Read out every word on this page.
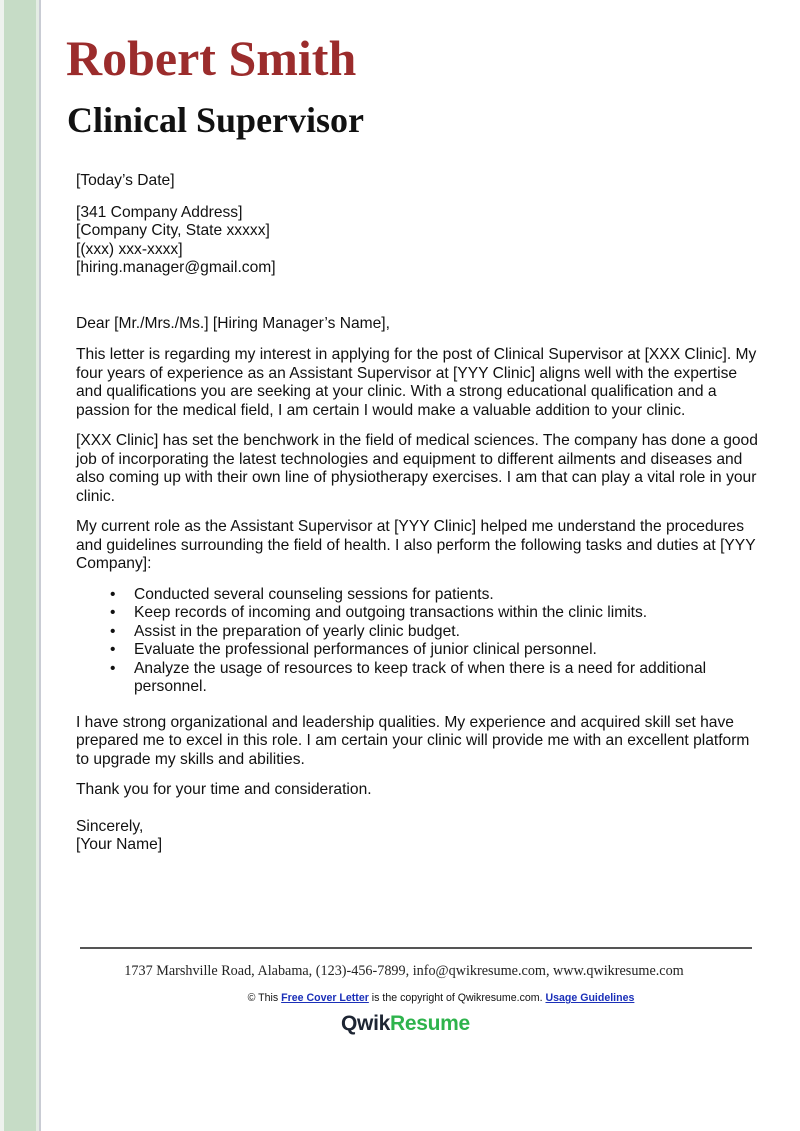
Robert Smith
Clinical Supervisor

[Today’s Date]

[341 Company Address]

[Company City, State xxxxx]

[(xxx) xxx-xxxx]

[hiring.manager@gmail.com]

Dear [Mr./Mrs./Ms.] [Hiring Manager’s Name],

This letter is regarding my interest in applying for the post of Clinical Supervisor at [XXX Clinic]. My four years of experience as an Assistant Supervisor at [YYY Clinic] aligns well with the expertise and qualifications you are seeking at your clinic. With a strong educational qualification and a passion for the medical field, I am certain I would make a valuable addition to your clinic.

[XXX Clinic] has set the benchwork in the field of medical sciences. The company has done a good job of incorporating the latest technologies and equipment to different ailments and diseases and also coming up with their own line of physiotherapy exercises. I am that can play a vital role in your clinic.

My current role as the Assistant Supervisor at [YYY Clinic] helped me understand the procedures and guidelines surrounding the field of health. I also perform the following tasks and duties at [YYY Company]:

• Conducted several counseling sessions for patients.
• Keep records of incoming and outgoing transactions within the clinic limits.
• Assist in the preparation of yearly clinic budget.
• Evaluate the professional performances of junior clinical personnel.
• Analyze the usage of resources to keep track of when there is a need for additional personnel.

I have strong organizational and leadership qualities. My experience and acquired skill set have prepared me to excel in this role. I am certain your clinic will provide me with an excellent platform to upgrade my skills and abilities.

Thank you for your time and consideration.

Sincerely,

[Your Name]

1737 Marshville Road, Alabama, (123)-456-7899, info@qwikresume.com, www.qwikresume.com
© This Free Cover Letter is the copyright of Qwikresume.com. Usage Guidelines
QwikResume
